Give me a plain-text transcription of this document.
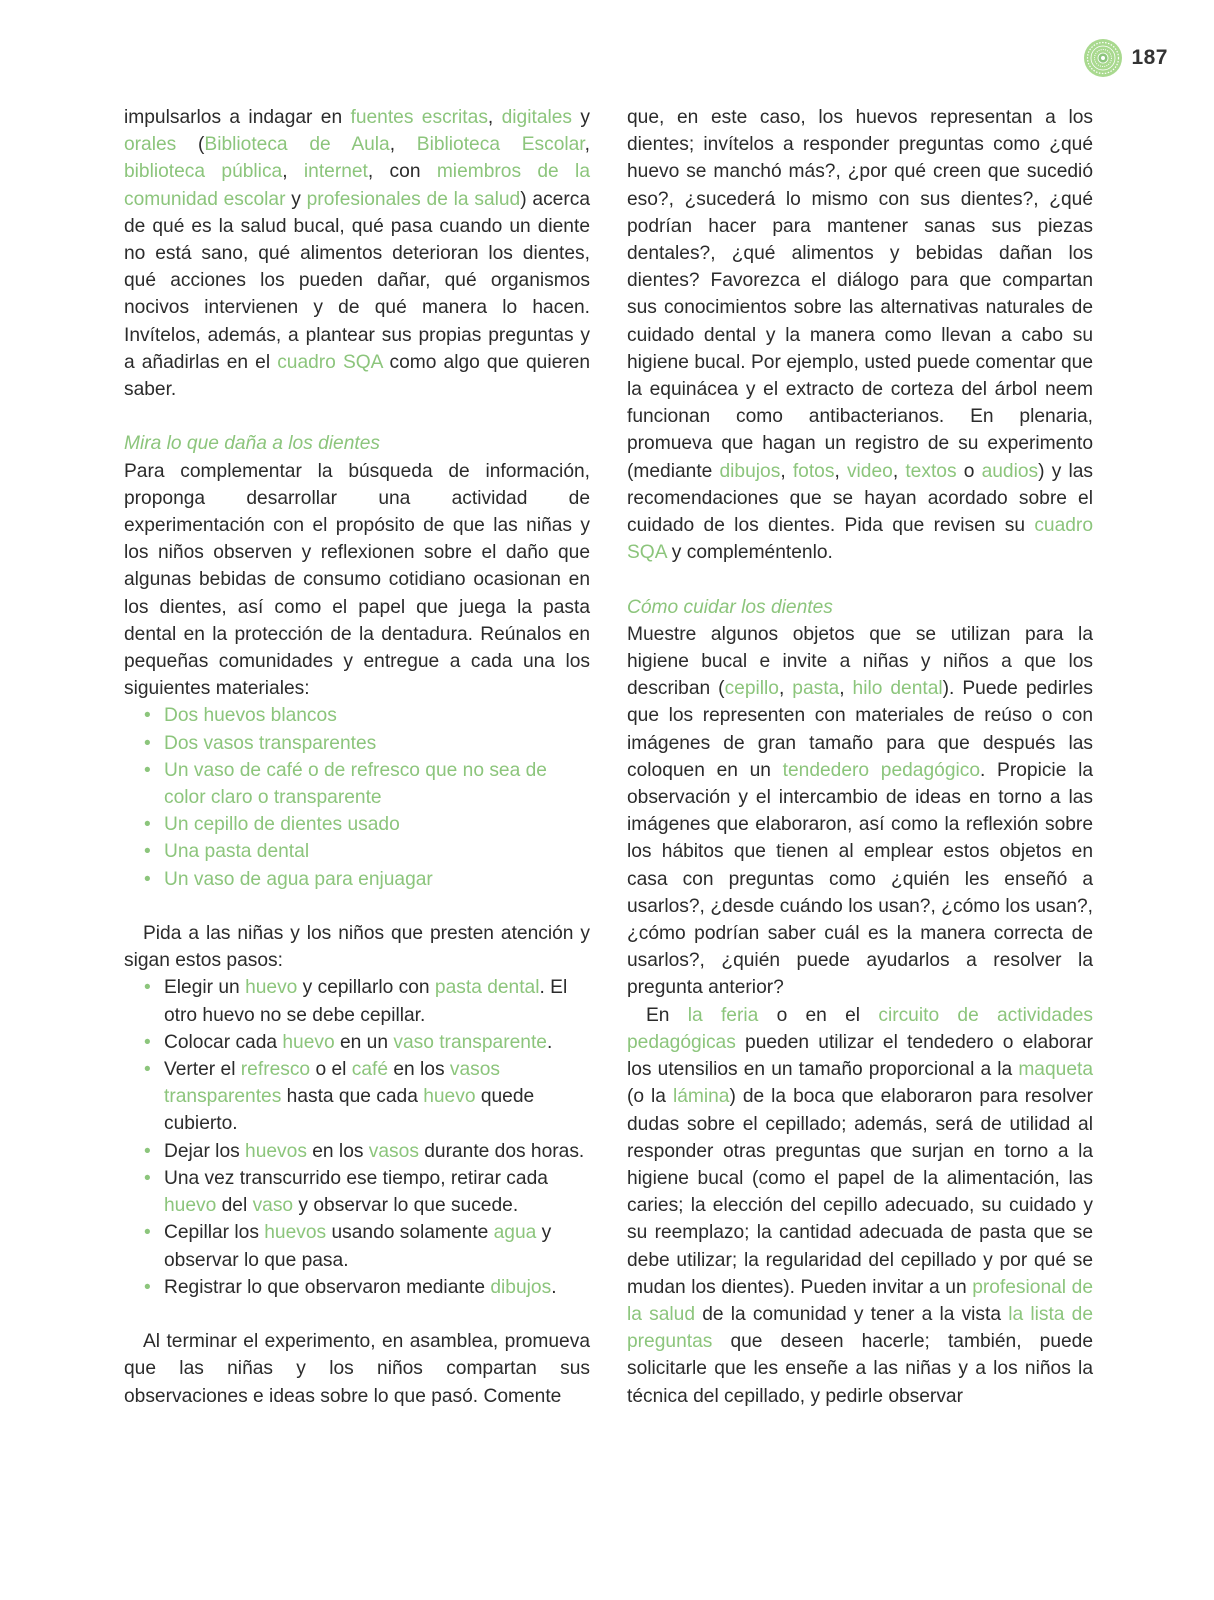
187

impulsarlos a indagar en fuentes escritas, digitales y orales (Biblioteca de Aula, Biblioteca Escolar, biblioteca pública, internet, con miembros de la comunidad escolar y profesionales de la salud) acerca de qué es la salud bucal, qué pasa cuando un diente no está sano, qué alimentos deterioran los dientes, qué acciones los pueden dañar, qué organismos nocivos intervienen y de qué manera lo hacen. Invítelos, además, a plantear sus propias preguntas y a añadirlas en el cuadro SQA como algo que quieren saber.

Mira lo que daña a los dientes

Para complementar la búsqueda de información, proponga desarrollar una actividad de experimentación con el propósito de que las niñas y los niños observen y reflexionen sobre el daño que algunas bebidas de consumo cotidiano ocasionan en los dientes, así como el papel que juega la pasta dental en la protección de la dentadura. Reúnalos en pequeñas comunidades y entregue a cada una los siguientes materiales:

• Dos huevos blancos
• Dos vasos transparentes
• Un vaso de café o de refresco que no sea de color claro o transparente
• Un cepillo de dientes usado
• Una pasta dental
• Un vaso de agua para enjuagar

Pida a las niñas y los niños que presten atención y sigan estos pasos:

• Elegir un huevo y cepillarlo con pasta dental. El otro huevo no se debe cepillar.
• Colocar cada huevo en un vaso transparente.
• Verter el refresco o el café en los vasos transparentes hasta que cada huevo quede cubierto.
• Dejar los huevos en los vasos durante dos horas.
• Una vez transcurrido ese tiempo, retirar cada huevo del vaso y observar lo que sucede.
• Cepillar los huevos usando solamente agua y observar lo que pasa.
• Registrar lo que observaron mediante dibujos.

Al terminar el experimento, en asamblea, promueva que las niñas y los niños compartan sus observaciones e ideas sobre lo que pasó. Comente

que, en este caso, los huevos representan a los dientes; invítelos a responder preguntas como ¿qué huevo se manchó más?, ¿por qué creen que sucedió eso?, ¿sucederá lo mismo con sus dientes?, ¿qué podrían hacer para mantener sanas sus piezas dentales?, ¿qué alimentos y bebidas dañan los dientes? Favorezca el diálogo para que compartan sus conocimientos sobre las alternativas naturales de cuidado dental y la manera como llevan a cabo su higiene bucal. Por ejemplo, usted puede comentar que la equinácea y el extracto de corteza del árbol neem funcionan como antibacterianos. En plenaria, promueva que hagan un registro de su experimento (mediante dibujos, fotos, video, textos o audios) y las recomendaciones que se hayan acordado sobre el cuidado de los dientes. Pida que revisen su cuadro SQA y compleméntenlo.

Cómo cuidar los dientes

Muestre algunos objetos que se utilizan para la higiene bucal e invite a niñas y niños a que los describan (cepillo, pasta, hilo dental). Puede pedirles que los representen con materiales de reúso o con imágenes de gran tamaño para que después las coloquen en un tendedero pedagógico. Propicie la observación y el intercambio de ideas en torno a las imágenes que elaboraron, así como la reflexión sobre los hábitos que tienen al emplear estos objetos en casa con preguntas como ¿quién les enseñó a usarlos?, ¿desde cuándo los usan?, ¿cómo los usan?, ¿cómo podrían saber cuál es la manera correcta de usarlos?, ¿quién puede ayudarlos a resolver la pregunta anterior?

En la feria o en el circuito de actividades pedagógicas pueden utilizar el tendedero o elaborar los utensilios en un tamaño proporcional a la maqueta (o la lámina) de la boca que elaboraron para resolver dudas sobre el cepillado; además, será de utilidad al responder otras preguntas que surjan en torno a la higiene bucal (como el papel de la alimentación, las caries; la elección del cepillo adecuado, su cuidado y su reemplazo; la cantidad adecuada de pasta que se debe utilizar; la regularidad del cepillado y por qué se mudan los dientes). Pueden invitar a un profesional de la salud de la comunidad y tener a la vista la lista de preguntas que deseen hacerle; también, puede solicitarle que les enseñe a las niñas y a los niños la técnica del cepillado, y pedirle observar
